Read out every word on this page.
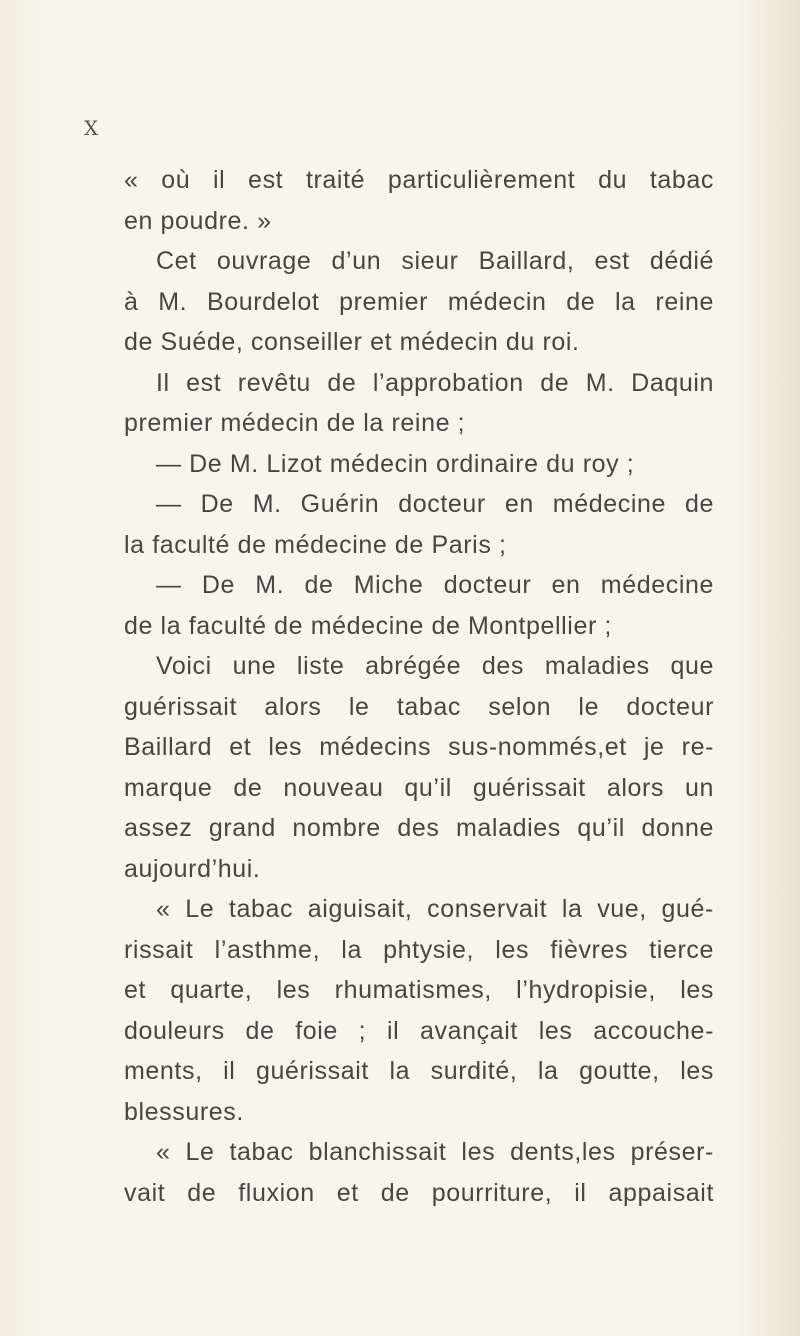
X
« où il est traité particulièrement du tabac
en poudre. »
Cet ouvrage d’un sieur Baillard, est dédié
à M. Bourdelot premier médecin de la reine
de Suéde, conseiller et médecin du roi.
Il est revêtu de l’approbation de M. Daquin
premier médecin de la reine ;
— De M. Lizot médecin ordinaire du roy ;
— De M. Guérin docteur en médecine de
la faculté de médecine de Paris ;
— De M. de Miche docteur en médecine
de la faculté de médecine de Montpellier ;
Voici une liste abrégée des maladies que
guérissait alors le tabac selon le docteur
Baillard et les médecins sus-nommés,et je re-
marque de nouveau qu’il guérissait alors un
assez grand nombre des maladies qu’il donne
aujourd’hui.
« Le tabac aiguisait, conservait la vue, gué-
rissait l’asthme, la phtysie, les fièvres tierce
et quarte, les rhumatismes, l’hydropisie, les
douleurs de foie ; il avançait les accouche-
ments, il guérissait la surdité, la goutte, les
blessures.
« Le tabac blanchissait les dents,les préser-
vait de fluxion et de pourriture, il appaisait
